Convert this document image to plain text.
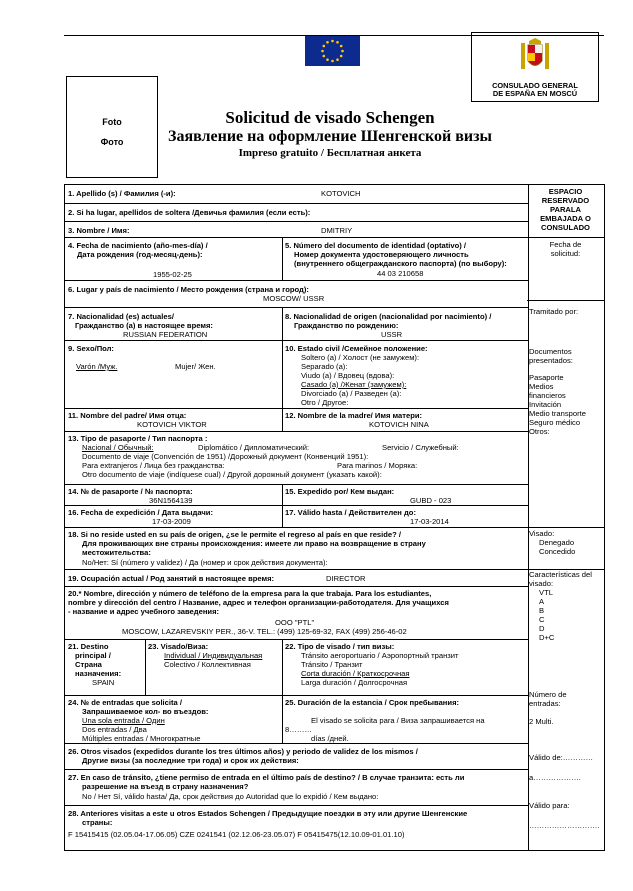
Foto
Фото
CONSULADO GENERAL
DE ESPAÑA EN MOSCÚ
Solicitud de visado Schengen
Заявление на оформление Шенгенской визы
Impreso gratuito / Бесплатная анкета
1. Apellido (s) / Фамилия (-и):	KOTOVICH
2. Si ha lugar, apellidos de soltera /Девичья фамилия (если есть):
3. Nombre / Имя:	DMITRIY
4. Fecha de nacimiento (año-mes-día) /
Дата рождения (год-месяц-день):
1955-02-25
5. Número del documento de identidad (optativo) /
Номер документа удостоверяющего личность
(внутреннего общегражданского паспорта) (по выбору):
44 03 210658
6. Lugar y país de nacimiento / Место рождения (страна и город):
MOSCOW/ USSR
7. Nacionalidad (es) actuales/
Гражданство (а) в настоящее время:
RUSSIAN FEDERATION
8. Nacionalidad de origen (nacionalidad por nacimiento) /
Гражданство по рождению:
USSR
9. Sexo/Пол:
Varón /Муж.	Mujer/ Жен.
10. Estado civil /Семейное положение:
Soltero (a) / Холост (не замужем):
Separado (a):
Viudo (a) / Вдовец (вдова):
Casado (a) /Женат (замужем):
Divorciado (a) / Разведен (а):
Otro / Другое:
11. Nombre del padre/ Имя отца:
KOTOVICH VIKTOR
12. Nombre de la madre/ Имя матери:
KOTOVICH NINA
13. Tipo de pasaporte / Тип паспорта :
Nacional / Обычный:	Diplomático / Дипломатический:	Servicio / Служебный:
Documento de viaje (Convención de 1951) /Дорожный документ (Конвенций 1951):
Para extranjeros / Лица без гражданства:	Para marinos / Моряка:
Otro documento de viaje (indíquese cual) / Другой дорожный документ (указать какой):
14. № de pasaporte / № паспорта:
36N1564139
15. Expedido por/ Кем выдан:
GUBD - 023
16. Fecha de expedición / Дата выдачи:
17-03-2009
17. Válido hasta / Действителен до:
17-03-2014
18. Si no reside usted en su país de origen, ¿se le permite el regreso al país en que reside? /
Для проживающих вне страны происхождения: имеете ли право на возвращение в страну
местожительства:
No/Нет: Sí (número y validez) / Да (номер и срок действия документа):
19. Ocupación actual / Род занятий в настоящее время:	DIRECTOR
20.* Nombre, dirección y número de teléfono de la empresa para la que trabaja. Para los estudiantes,
nombre y dirección del centro / Название, адрес и телефон организации-работодателя. Для учащихся
- название и адрес учебного заведения:
ООО "PTL"
MOSCOW, LAZAREVSKIY PER., 36-V. TEL.: (499) 125-69-32, FAX (499) 256-46-02
21. Destino
principal /
Страна
назначения:
SPAIN
23. Visado/Виза:
Individual / Индивидуальная
Colectivo / Коллективная
22. Tipo de visado / тип визы:
Tránsito aeroportuario / Аэропортный транзит
Tránsito / Транзит
Corta duración / Краткосрочная
Larga duración / Долгосрочная
24. № de entradas que solicita /
Запрашиваемое кол- во въездов:
Una sola entrada / Один
Dos entradas / Два
Múltiples entradas / Многократные
25. Duración de la estancia / Срок пребывания:
El visado se solicita para / Виза запрашивается на
8………
días /дней.
26. Otros visados (expedidos durante los tres últimos años) y periodo de validez de los mismos /
Другие визы (за последние три года) и срок их действия:
27. En caso de tránsito, ¿tiene permiso de entrada en el último país de destino? / В случае транзита: есть ли
разрешение на въезд в страну назначения?
No / Нет Sí, válido hasta/ Да, срок действия до Autoridad que lo expidió / Кем выдано:
28. Anteriores visitas a este u otros Estados Schengen / Предыдущие поездки в эту или другие Шенгенские
страны:
F 15415415 (02.05.04-17.06.05) CZE 0241541 (02.12.06-23.05.07) F 05415475(12.10.09-01.01.10)
ESPACIO
RESERVADO
PARALA
EMBAJADA O
CONSULADO
Fecha de
solicitud:
Tramitado por:
Documentos
presentados:
Pasaporte
Medios
financieros
Invitación
Medio transporte
Seguro médico
Otros:
Visado:
Denegado
Concedido
Características del
visado:
VTL
A
B
C
D
D+C
Número de
entradas:
2 Multi.
Válido de:…………
a……………….
Válido para:
……………………….
